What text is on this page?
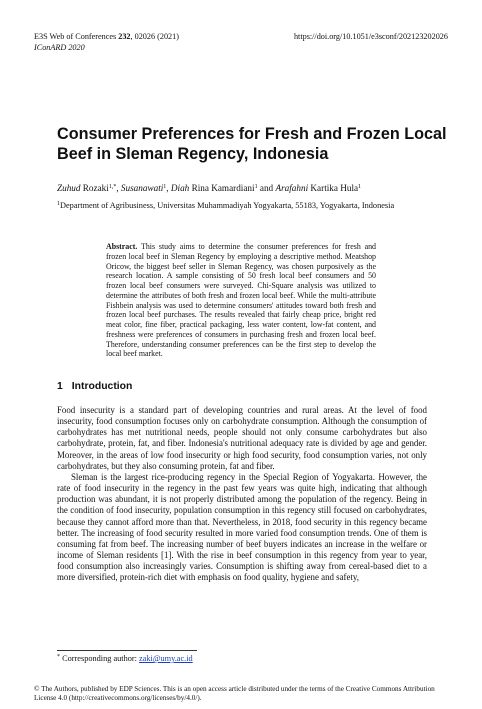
E3S Web of Conferences 232, 02026 (2021)	https://doi.org/10.1051/e3sconf/202123202026
IConARD 2020
Consumer Preferences for Fresh and Frozen Local Beef in Sleman Regency, Indonesia
Zuhud Rozaki$^{1,*}$, Susanawati$^1$, Diah Rina Kamardiani$^1$ and Arafahni Kartika Hula$^1$
$^1$Department of Agribusiness, Universitas Muhammadiyah Yogyakarta, 55183, Yogyakarta, Indonesia
Abstract. This study aims to determine the consumer preferences for fresh and frozen local beef in Sleman Regency by employing a descriptive method. Meatshop Oricow, the biggest beef seller in Sleman Regency, was chosen purposively as the research location. A sample consisting of 50 fresh local beef consumers and 50 frozen local beef consumers were surveyed. Chi-Square analysis was utilized to determine the attributes of both fresh and frozen local beef. While the multi-attribute Fishbein analysis was used to determine consumers' attitudes toward both fresh and frozen local beef purchases. The results revealed that fairly cheap price, bright red meat color, fine fiber, practical packaging, less water content, low-fat content, and freshness were preferences of consumers in purchasing fresh and frozen local beef. Therefore, understanding consumer preferences can be the first step to develop the local beef market.
1 Introduction

Food insecurity is a standard part of developing countries and rural areas. At the level of food insecurity, food consumption focuses only on carbohydrate consumption. Although the consumption of carbohydrates has met nutritional needs, people should not only consume carbohydrates but also carbohydrate, protein, fat, and fiber. Indonesia's nutritional adequacy rate is divided by age and gender. Moreover, in the areas of low food insecurity or high food security, food consumption varies, not only carbohydrates, but they also consuming protein, fat and fiber.

Sleman is the largest rice-producing regency in the Special Region of Yogyakarta. However, the rate of food insecurity in the regency in the past few years was quite high, indicating that although production was abundant, it is not properly distributed among the population of the regency. Being in the condition of food insecurity, population consumption in this regency still focused on carbohydrates, because they cannot afford more than that. Nevertheless, in 2018, food security in this regency became better. The increasing of food security resulted in more varied food consumption trends. One of them is consuming fat from beef. The increasing number of beef buyers indicates an increase in the welfare or income of Sleman residents [1]. With the rise in beef consumption in this regency from year to year, food consumption also increasingly varies. Consumption is shifting away from cereal-based diet to a more diversified, protein-rich diet with emphasis on food quality, hygiene and safety,

* Corresponding author: zaki@umy.ac.id
© The Authors, published by EDP Sciences. This is an open access article distributed under the terms of the Creative Commons Attribution License 4.0 (http://creativecommons.org/licenses/by/4.0/).
